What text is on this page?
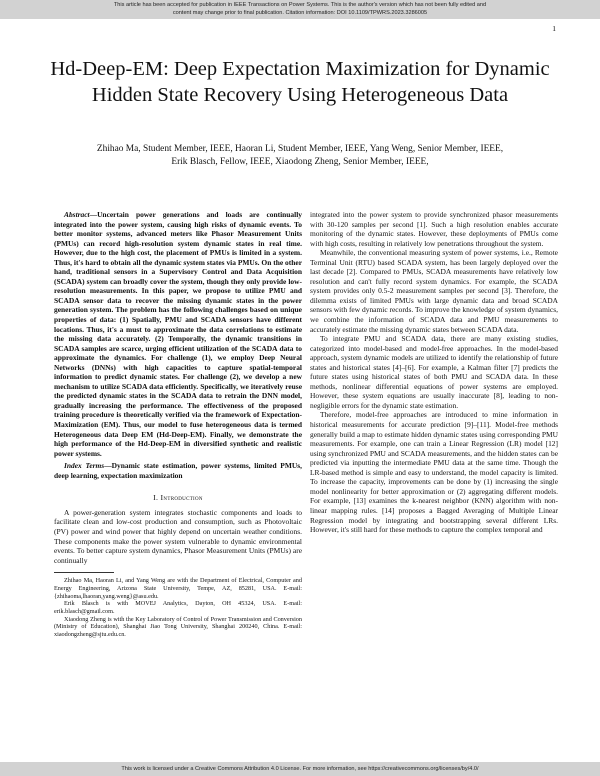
This article has been accepted for publication in IEEE Transactions on Power Systems. This is the author's version which has not been fully edited and
content may change prior to final publication. Citation information: DOI 10.1109/TPWRS.2023.3286005
1
Hd-Deep-EM: Deep Expectation Maximization for Dynamic Hidden State Recovery Using Heterogeneous Data
Zhihao Ma, Student Member, IEEE, Haoran Li, Student Member, IEEE, Yang Weng, Senior Member, IEEE,
Erik Blasch, Fellow, IEEE, Xiaodong Zheng, Senior Member, IEEE,

Abstract—Uncertain power generations and loads are continually integrated into the power system, causing high risks of dynamic events. To better monitor systems, advanced meters like Phasor Measurement Units (PMUs) can record high-resolution system dynamic states in real time. However, due to the high cost, the placement of PMUs is limited in a system. Thus, it's hard to obtain all the dynamic system states via PMUs. On the other hand, traditional sensors in a Supervisory Control and Data Acquisition (SCADA) system can broadly cover the system, though they only provide low-resolution measurements. In this paper, we propose to utilize PMU and SCADA sensor data to recover the missing dynamic states in the power generation system. The problem has the following challenges based on unique properties of data: (1) Spatially, PMU and SCADA sensors have different locations. Thus, it's a must to approximate the data correlations to estimate the missing data accurately. (2) Temporally, the dynamic transitions in SCADA samples are scarce, urging efficient utilization of the SCADA data to approximate the dynamics. For challenge (1), we employ Deep Neural Networks (DNNs) with high capacities to capture spatial-temporal information to predict dynamic states. For challenge (2), we develop a new mechanism to utilize SCADA data efficiently. Specifically, we iteratively reuse the predicted dynamic states in the SCADA data to retrain the DNN model, gradually increasing the performance. The effectiveness of the proposed training procedure is theoretically verified via the framework of Expectation-Maximization (EM). Thus, our model to fuse heterogeneous data is termed Heterogeneous data Deep EM (Hd-Deep-EM). Finally, we demonstrate the high performance of the Hd-Deep-EM in diversified synthetic and realistic power systems.

Index Terms—Dynamic state estimation, power systems, limited PMUs, deep learning, expectation maximization

I. Introduction

A power-generation system integrates stochastic components and loads to facilitate clean and low-cost production and consumption, such as Photovoltaic (PV) power and wind power that highly depend on uncertain weather conditions. These components make the power system vulnerable to dynamic environmental events. To better capture system dynamics, Phasor Measurement Units (PMUs) are continually

Zhihao Ma, Haoran Li, and Yang Weng are with the Department of Electrical, Computer and Energy Engineering, Arizona State University, Tempe, AZ, 85281, USA. E-mail: {zhihaoma,lhaoran,yang.weng}@asu.edu.

Erik Blasch is with MOVEJ Analytics, Dayton, OH 45324, USA. E-mail: erik.blasch@gmail.com.

Xiaodong Zheng is with the Key Laboratory of Control of Power Transmission and Conversion (Ministry of Education), Shanghai Jiao Tong University, Shanghai 200240, China. E-mail: xiaodongzheng@sjtu.edu.cn.

integrated into the power system to provide synchronized phasor measurements with 30-120 samples per second [1]. Such a high resolution enables accurate monitoring of the dynamic states. However, these deployments of PMUs come with high costs, resulting in relatively low penetrations throughout the system.

Meanwhile, the conventional measuring system of power systems, i.e., Remote Terminal Unit (RTU) based SCADA system, has been largely deployed over the last decade [2]. Compared to PMUs, SCADA measurements have relatively low resolution and can't fully record system dynamics. For example, the SCADA system provides only 0.5-2 measurement samples per second [3]. Therefore, the dilemma exists of limited PMUs with large dynamic data and broad SCADA sensors with few dynamic records. To improve the knowledge of system dynamics, we combine the information of SCADA data and PMU measurements to accurately estimate the missing dynamic states between SCADA data.

To integrate PMU and SCADA data, there are many existing studies, categorized into model-based and model-free approaches. In the model-based approach, system dynamic models are utilized to identify the relationship of future states and historical states [4]–[6]. For example, a Kalman filter [7] predicts the future states using historical states of both PMU and SCADA data. In these methods, nonlinear differential equations of power systems are employed. However, these system equations are usually inaccurate [8], leading to non-negligible errors for the dynamic state estimation.

Therefore, model-free approaches are introduced to mine information in historical measurements for accurate prediction [9]–[11]. Model-free methods generally build a map to estimate hidden dynamic states using corresponding PMU measurements. For example, one can train a Linear Regression (LR) model [12] using synchronized PMU and SCADA measurements, and the hidden states can be predicted via inputting the intermediate PMU data at the same time. Though the LR-based method is simple and easy to understand, the model capacity is limited. To increase the capacity, improvements can be done by (1) increasing the single model nonlinearity for better approximation or (2) aggregating different models. For example, [13] examines the k-nearest neighbor (KNN) algorithm with non-linear mapping rules. [14] proposes a Bagged Averaging of Multiple Linear Regression model by integrating and bootstrapping several different LRs. However, it's still hard for these methods to capture the complex temporal and

This work is licensed under a Creative Commons Attribution 4.0 License. For more information, see https://creativecommons.org/licenses/by/4.0/
